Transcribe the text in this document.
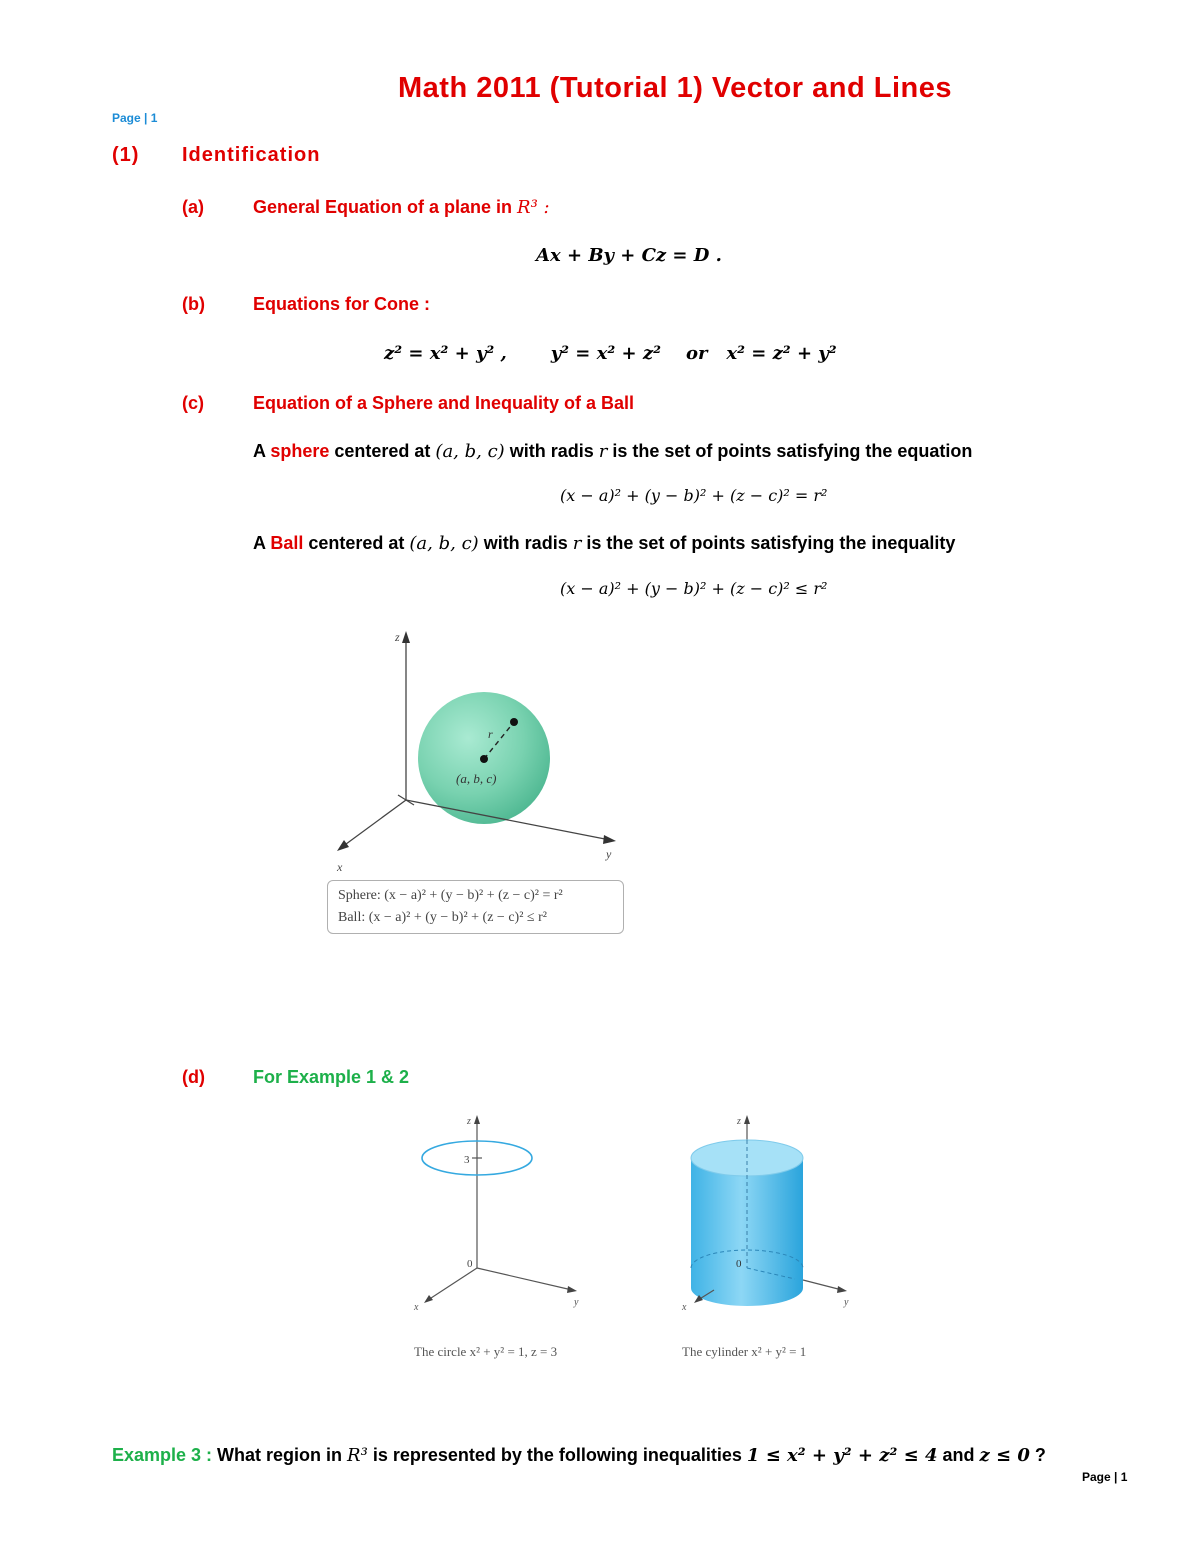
Math 2011 (Tutorial 1) Vector and Lines
Page | 1
(1) Identification
(a)	General Equation of a plane in R³ :
Ax + By + Cz = D .
(b)	Equations for Cone :
z² = x² + y² ,       y² = x² + z²    or   x² = z² + y²
(c)	Equation of a Sphere and Inequality of a Ball
A sphere centered at (a, b, c) with radis r is the set of points satisfying the equation
(x − a)² + (y − b)² + (z − c)² = r²
A Ball centered at (a, b, c) with radis r is the set of points satisfying the inequality
(x − a)² + (y − b)² + (z − c)² ≤ r²
z
x
y
r
(a, b, c)
Sphere: (x − a)² + (y − b)² + (z − c)² = r²
Ball: (x − a)² + (y − b)² + (z − c)² ≤ r²
(d)	For Example 1 & 2
z
3
0
x	y
The circle x² + y² = 1, z = 3
z
0
x	y
The cylinder x² + y² = 1
Example 3 : What region in R³ is represented by the following inequalities 1 ≤ x² + y² + z² ≤ 4 and z ≤ 0 ?
Page | 1
